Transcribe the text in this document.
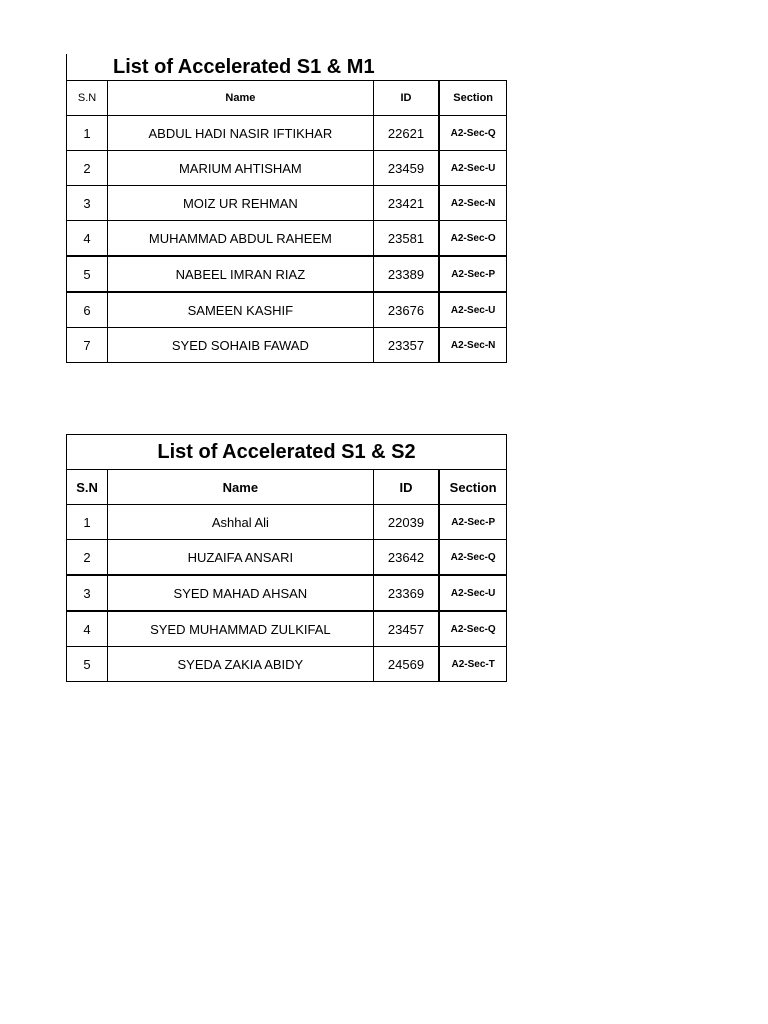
List of Accelerated S1 & M1			
S.N	Name	ID	Section
1	ABDUL HADI NASIR IFTIKHAR	22621	A2-Sec-Q
2	MARIUM AHTISHAM	23459	A2-Sec-U
3	MOIZ UR REHMAN	23421	A2-Sec-N
4	MUHAMMAD ABDUL RAHEEM	23581	A2-Sec-O
5	NABEEL IMRAN RIAZ	23389	A2-Sec-P
6	SAMEEN KASHIF	23676	A2-Sec-U
7	SYED SOHAIB FAWAD	23357	A2-Sec-N
List of Accelerated S1 & S2			
S.N	Name	ID	Section
1	Ashhal Ali	22039	A2-Sec-P
2	HUZAIFA ANSARI	23642	A2-Sec-Q
3	SYED MAHAD AHSAN	23369	A2-Sec-U
4	SYED MUHAMMAD ZULKIFAL	23457	A2-Sec-Q
5	SYEDA ZAKIA ABIDY	24569	A2-Sec-T
